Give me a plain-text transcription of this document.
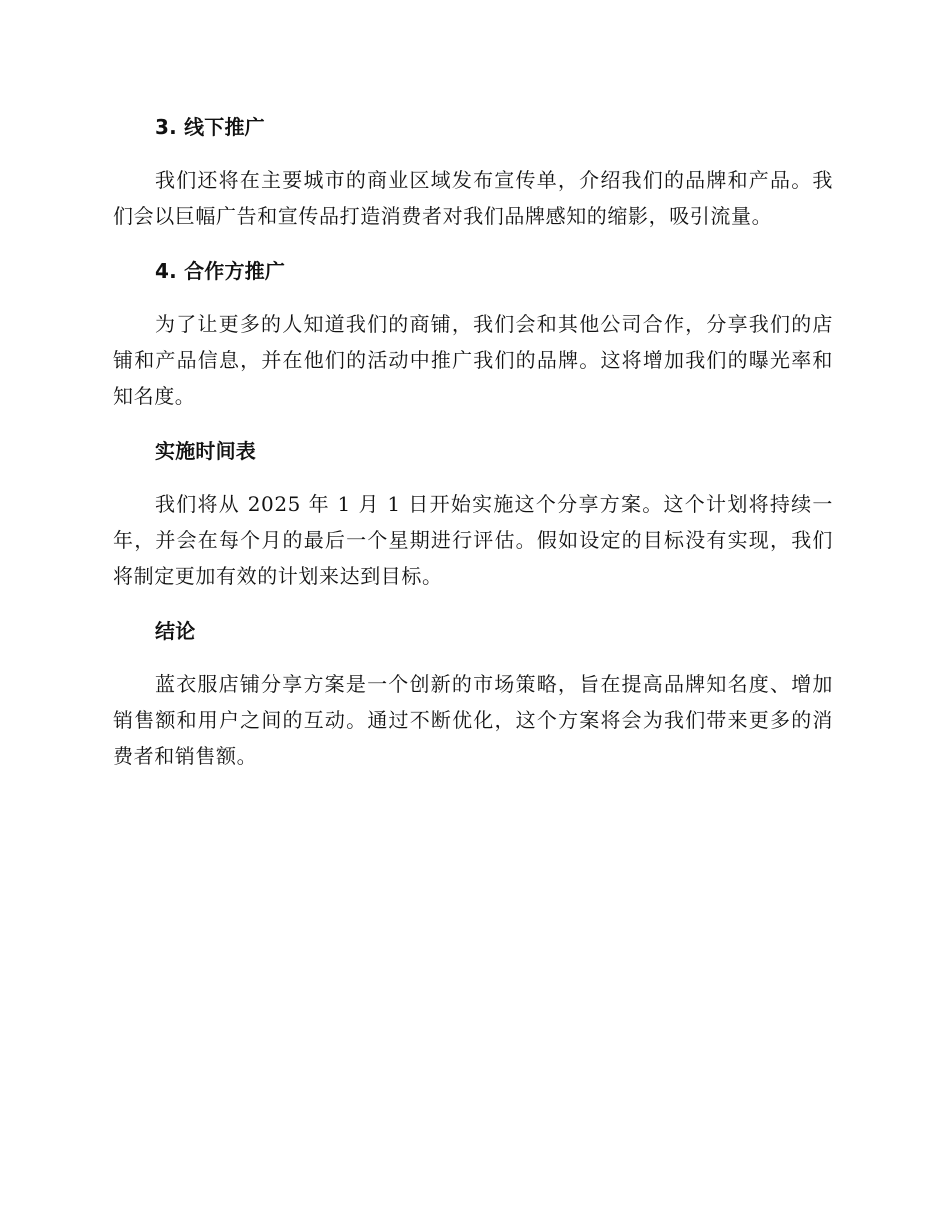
3. 线下推广

我们还将在主要城市的商业区域发布宣传单，介绍我们的品牌和产品。我们会以巨幅广告和宣传品打造消费者对我们品牌感知的缩影，吸引流量。

4. 合作方推广

为了让更多的人知道我们的商铺，我们会和其他公司合作，分享我们的店铺和产品信息，并在他们的活动中推广我们的品牌。这将增加我们的曝光率和知名度。

实施时间表

我们将从 2025 年 1 月 1 日开始实施这个分享方案。这个计划将持续一年，并会在每个月的最后一个星期进行评估。假如设定的目标没有实现，我们将制定更加有效的计划来达到目标。

结论

蓝衣服店铺分享方案是一个创新的市场策略，旨在提高品牌知名度、增加销售额和用户之间的互动。通过不断优化，这个方案将会为我们带来更多的消费者和销售额。
